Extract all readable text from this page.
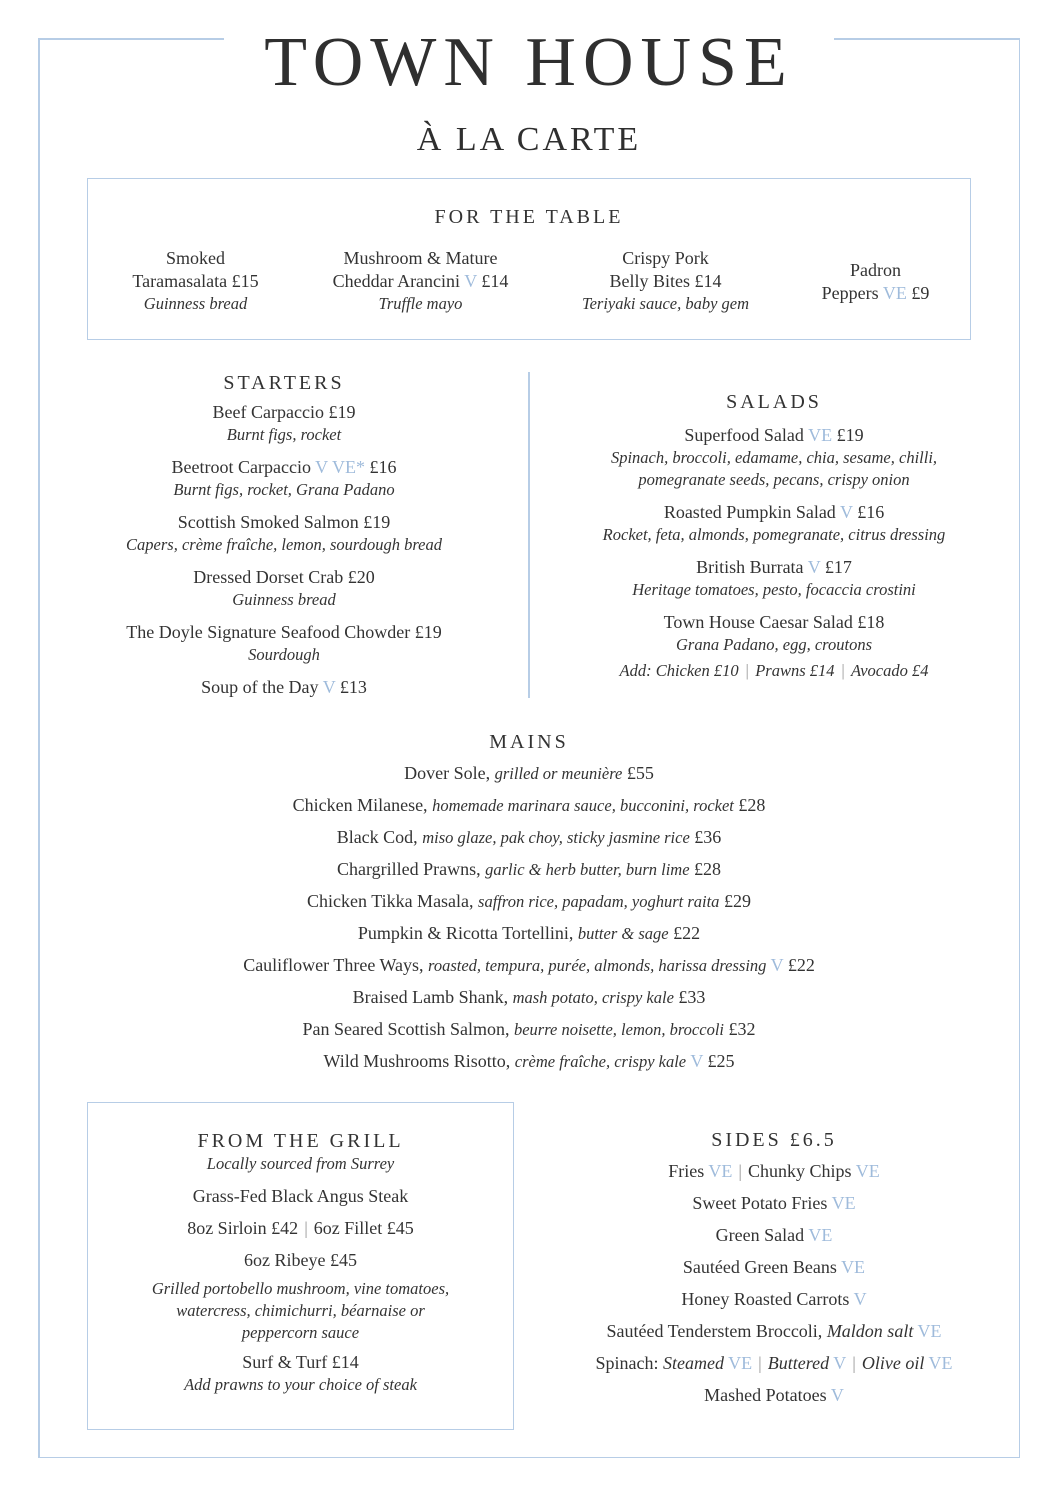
TOWN HOUSE
À LA CARTE
FOR THE TABLE
Smoked
Taramasalata £15
Guinness bread
Mushroom & Mature
Cheddar Arancini V £14
Truffle mayo
Crispy Pork
Belly Bites £14
Teriyaki sauce, baby gem
Padron
Peppers VE £9
STARTERS
Beef Carpaccio £19
Burnt figs, rocket
Beetroot Carpaccio V VE* £16
Burnt figs, rocket, Grana Padano
Scottish Smoked Salmon £19
Capers, crème fraîche, lemon, sourdough bread
Dressed Dorset Crab £20
Guinness bread
The Doyle Signature Seafood Chowder £19
Sourdough
Soup of the Day V £13
SALADS
Superfood Salad VE £19
Spinach, broccoli, edamame, chia, sesame, chilli,
pomegranate seeds, pecans, crispy onion
Roasted Pumpkin Salad V £16
Rocket, feta, almonds, pomegranate, citrus dressing
British Burrata V £17
Heritage tomatoes, pesto, focaccia crostini
Town House Caesar Salad £18
Grana Padano, egg, croutons
Add: Chicken £10 | Prawns £14 | Avocado £4
MAINS
Dover Sole, grilled or meunière £55
Chicken Milanese, homemade marinara sauce, bucconini, rocket £28
Black Cod, miso glaze, pak choy, sticky jasmine rice £36
Chargrilled Prawns, garlic & herb butter, burn lime £28
Chicken Tikka Masala, saffron rice, papadam, yoghurt raita £29
Pumpkin & Ricotta Tortellini, butter & sage £22
Cauliflower Three Ways, roasted, tempura, purée, almonds, harissa dressing V £22
Braised Lamb Shank, mash potato, crispy kale £33
Pan Seared Scottish Salmon, beurre noisette, lemon, broccoli £32
Wild Mushrooms Risotto, crème fraîche, crispy kale V £25
FROM THE GRILL
Locally sourced from Surrey
Grass-Fed Black Angus Steak
8oz Sirloin £42 | 6oz Fillet £45
6oz Ribeye £45
Grilled portobello mushroom, vine tomatoes,
watercress, chimichurri, béarnaise or
peppercorn sauce
Surf & Turf £14
Add prawns to your choice of steak
SIDES £6.5
Fries VE | Chunky Chips VE
Sweet Potato Fries VE
Green Salad VE
Sautéed Green Beans VE
Honey Roasted Carrots V
Sautéed Tenderstem Broccoli, Maldon salt VE
Spinach: Steamed VE | Buttered V | Olive oil VE
Mashed Potatoes V
